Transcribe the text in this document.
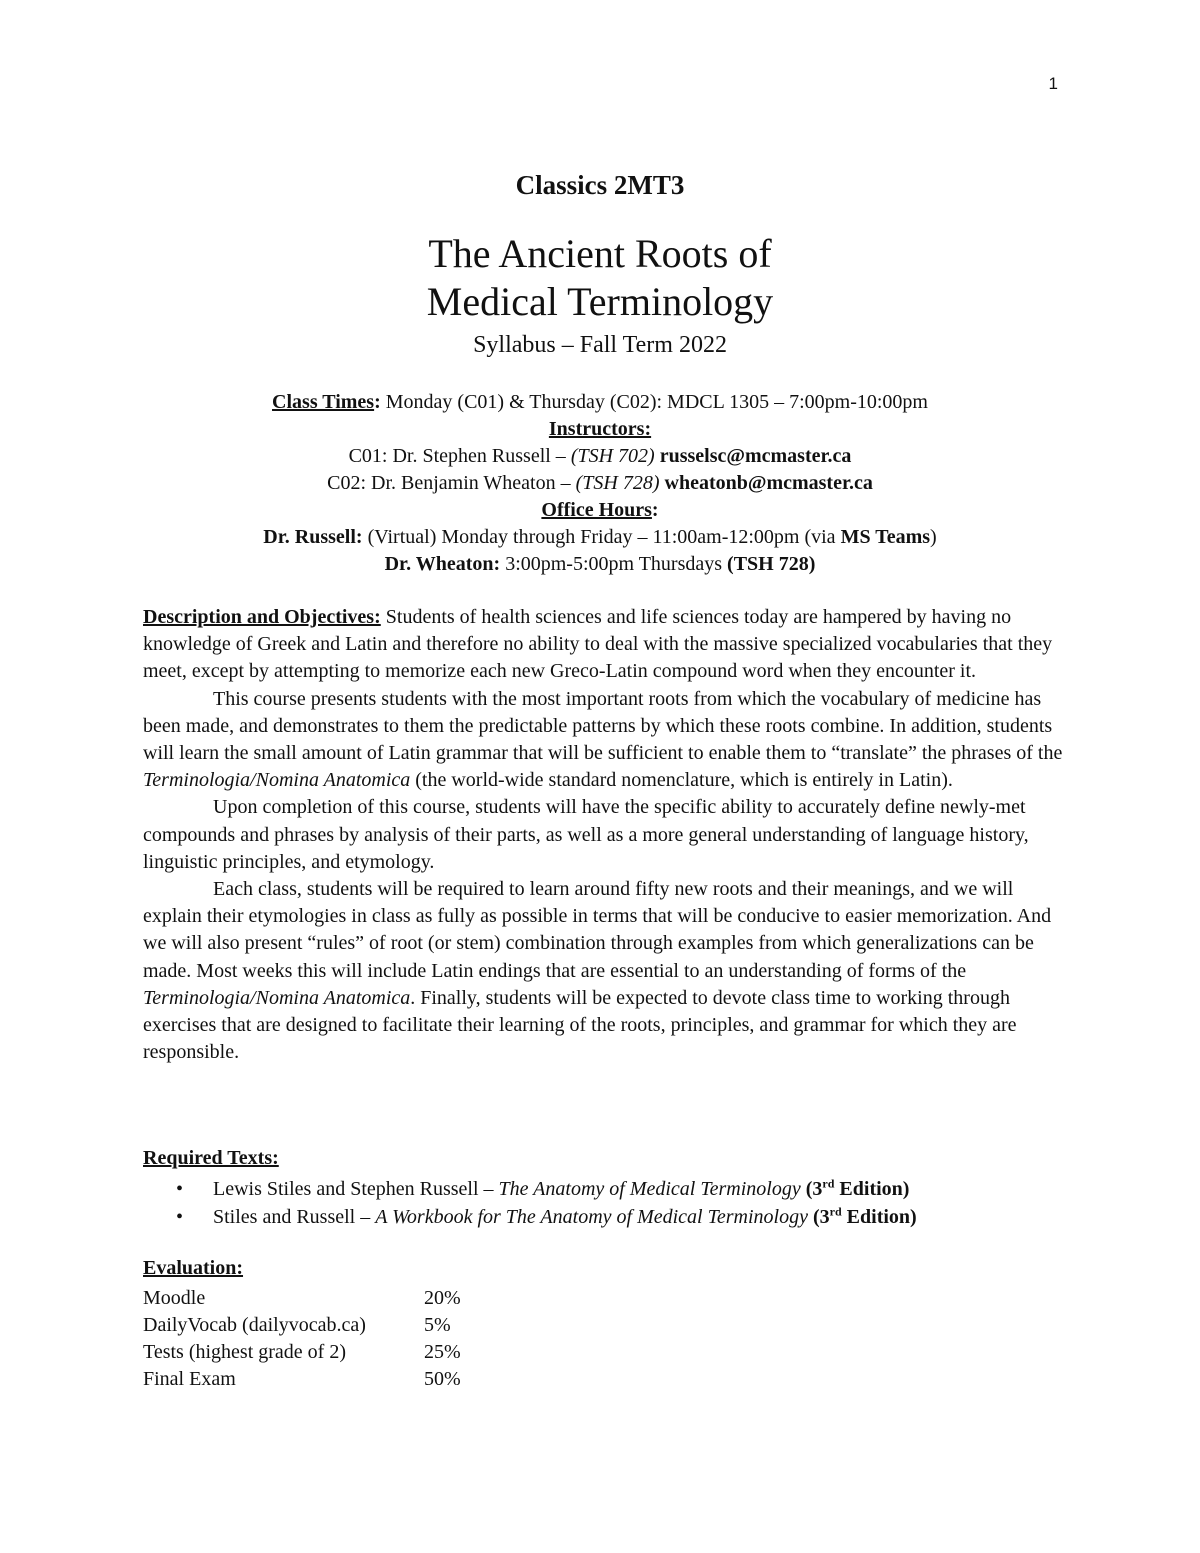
1
Classics 2MT3
The Ancient Roots of
Medical Terminology
Syllabus – Fall Term 2022
Class Times: Monday (C01) & Thursday (C02): MDCL 1305 – 7:00pm-10:00pm
Instructors:
C01: Dr. Stephen Russell – (TSH 702) russelsc@mcmaster.ca
C02: Dr. Benjamin Wheaton – (TSH 728) wheatonb@mcmaster.ca
Office Hours:
Dr. Russell: (Virtual) Monday through Friday – 11:00am-12:00pm (via MS Teams)
Dr. Wheaton: 3:00pm-5:00pm Thursdays (TSH 728)

Description and Objectives: Students of health sciences and life sciences today are hampered by having no knowledge of Greek and Latin and therefore no ability to deal with the massive specialized vocabularies that they meet, except by attempting to memorize each new Greco-Latin compound word when they encounter it.

This course presents students with the most important roots from which the vocabulary of medicine has been made, and demonstrates to them the predictable patterns by which these roots combine. In addition, students will learn the small amount of Latin grammar that will be sufficient to enable them to “translate” the phrases of the Terminologia/Nomina Anatomica (the world-wide standard nomenclature, which is entirely in Latin).

Upon completion of this course, students will have the specific ability to accurately define newly-met compounds and phrases by analysis of their parts, as well as a more general understanding of language history, linguistic principles, and etymology.

Each class, students will be required to learn around fifty new roots and their meanings, and we will explain their etymologies in class as fully as possible in terms that will be conducive to easier memorization. And we will also present “rules” of root (or stem) combination through examples from which generalizations can be made. Most weeks this will include Latin endings that are essential to an understanding of forms of the Terminologia/Nomina Anatomica. Finally, students will be expected to devote class time to working through exercises that are designed to facilitate their learning of the roots, principles, and grammar for which they are responsible.

Required Texts:
• Lewis Stiles and Stephen Russell – The Anatomy of Medical Terminology (3rd Edition)
• Stiles and Russell – A Workbook for The Anatomy of Medical Terminology (3rd Edition)
Evaluation:
Moodle	20%
DailyVocab (dailyvocab.ca)	5%
Tests (highest grade of 2)	25%
Final Exam	50%
